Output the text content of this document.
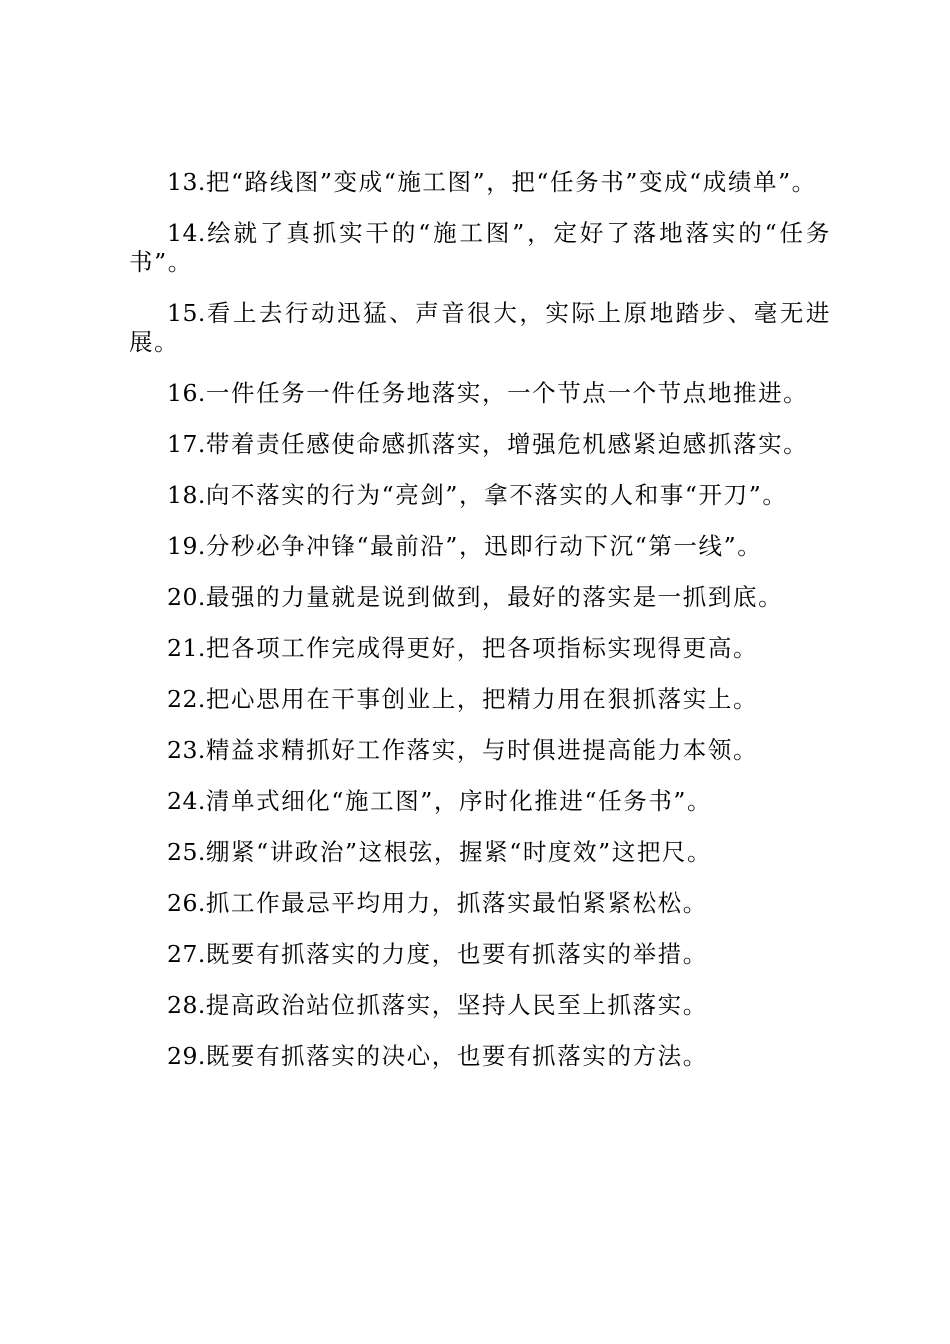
13.把“路线图”变成“施工图”，把“任务书”变成“成绩单”。

14.绘就了真抓实干的“施工图”，定好了落地落实的“任务书”。

15.看上去行动迅猛、声音很大，实际上原地踏步、毫无进展。

16.一件任务一件任务地落实，一个节点一个节点地推进。

17.带着责任感使命感抓落实，增强危机感紧迫感抓落实。

18.向不落实的行为“亮剑”，拿不落实的人和事“开刀”。

19.分秒必争冲锋“最前沿”，迅即行动下沉“第一线”。

20.最强的力量就是说到做到，最好的落实是一抓到底。

21.把各项工作完成得更好，把各项指标实现得更高。

22.把心思用在干事创业上，把精力用在狠抓落实上。

23.精益求精抓好工作落实，与时俱进提高能力本领。

24.清单式细化“施工图”，序时化推进“任务书”。

25.绷紧“讲政治”这根弦，握紧“时度效”这把尺。

26.抓工作最忌平均用力，抓落实最怕紧紧松松。

27.既要有抓落实的力度，也要有抓落实的举措。

28.提高政治站位抓落实，坚持人民至上抓落实。

29.既要有抓落实的决心，也要有抓落实的方法。
